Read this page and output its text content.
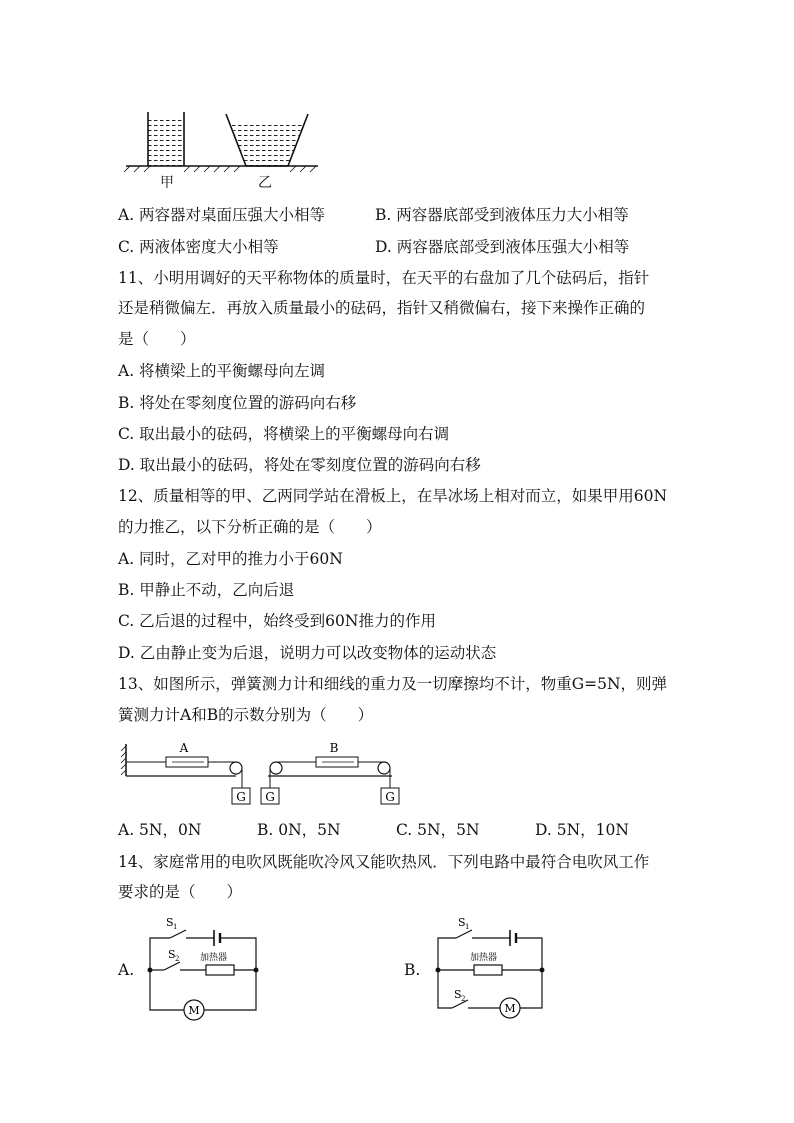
甲	乙
A. 两容器对桌面压强大小相等	B. 两容器底部受到液体压力大小相等
C. 两液体密度大小相等	D. 两容器底部受到液体压强大小相等
11、小明用调好的天平称物体的质量时，在天平的右盘加了几个砝码后，指针
还是稍微偏左．再放入质量最小的砝码，指针又稍微偏右，接下来操作正确的
是（　　）
A. 将横梁上的平衡螺母向左调
B. 将处在零刻度位置的游码向右移
C. 取出最小的砝码，将横梁上的平衡螺母向右调
D. 取出最小的砝码，将处在零刻度位置的游码向右移
12、质量相等的甲、乙两同学站在滑板上，在旱冰场上相对而立，如果甲用60N
的力推乙，以下分析正确的是（　　）
A. 同时，乙对甲的推力小于60N
B. 甲静止不动，乙向后退
C. 乙后退的过程中，始终受到60N推力的作用
D. 乙由静止变为后退，说明力可以改变物体的运动状态
13、如图所示，弹簧测力计和细线的重力及一切摩擦均不计，物重G=5N，则弹
簧测力计A和B的示数分别为（　　）
G G	G
A	B
A. 5N，0N	B. 0N，5N	C. 5N，5N	D. 5N，10N
14、家庭常用的电吹风既能吹冷风又能吹热风．下列电路中最符合电吹风工作
要求的是（　　）
A.
S 1
S 2 加热器
M
B.
S 1
加热器
S 2
M
